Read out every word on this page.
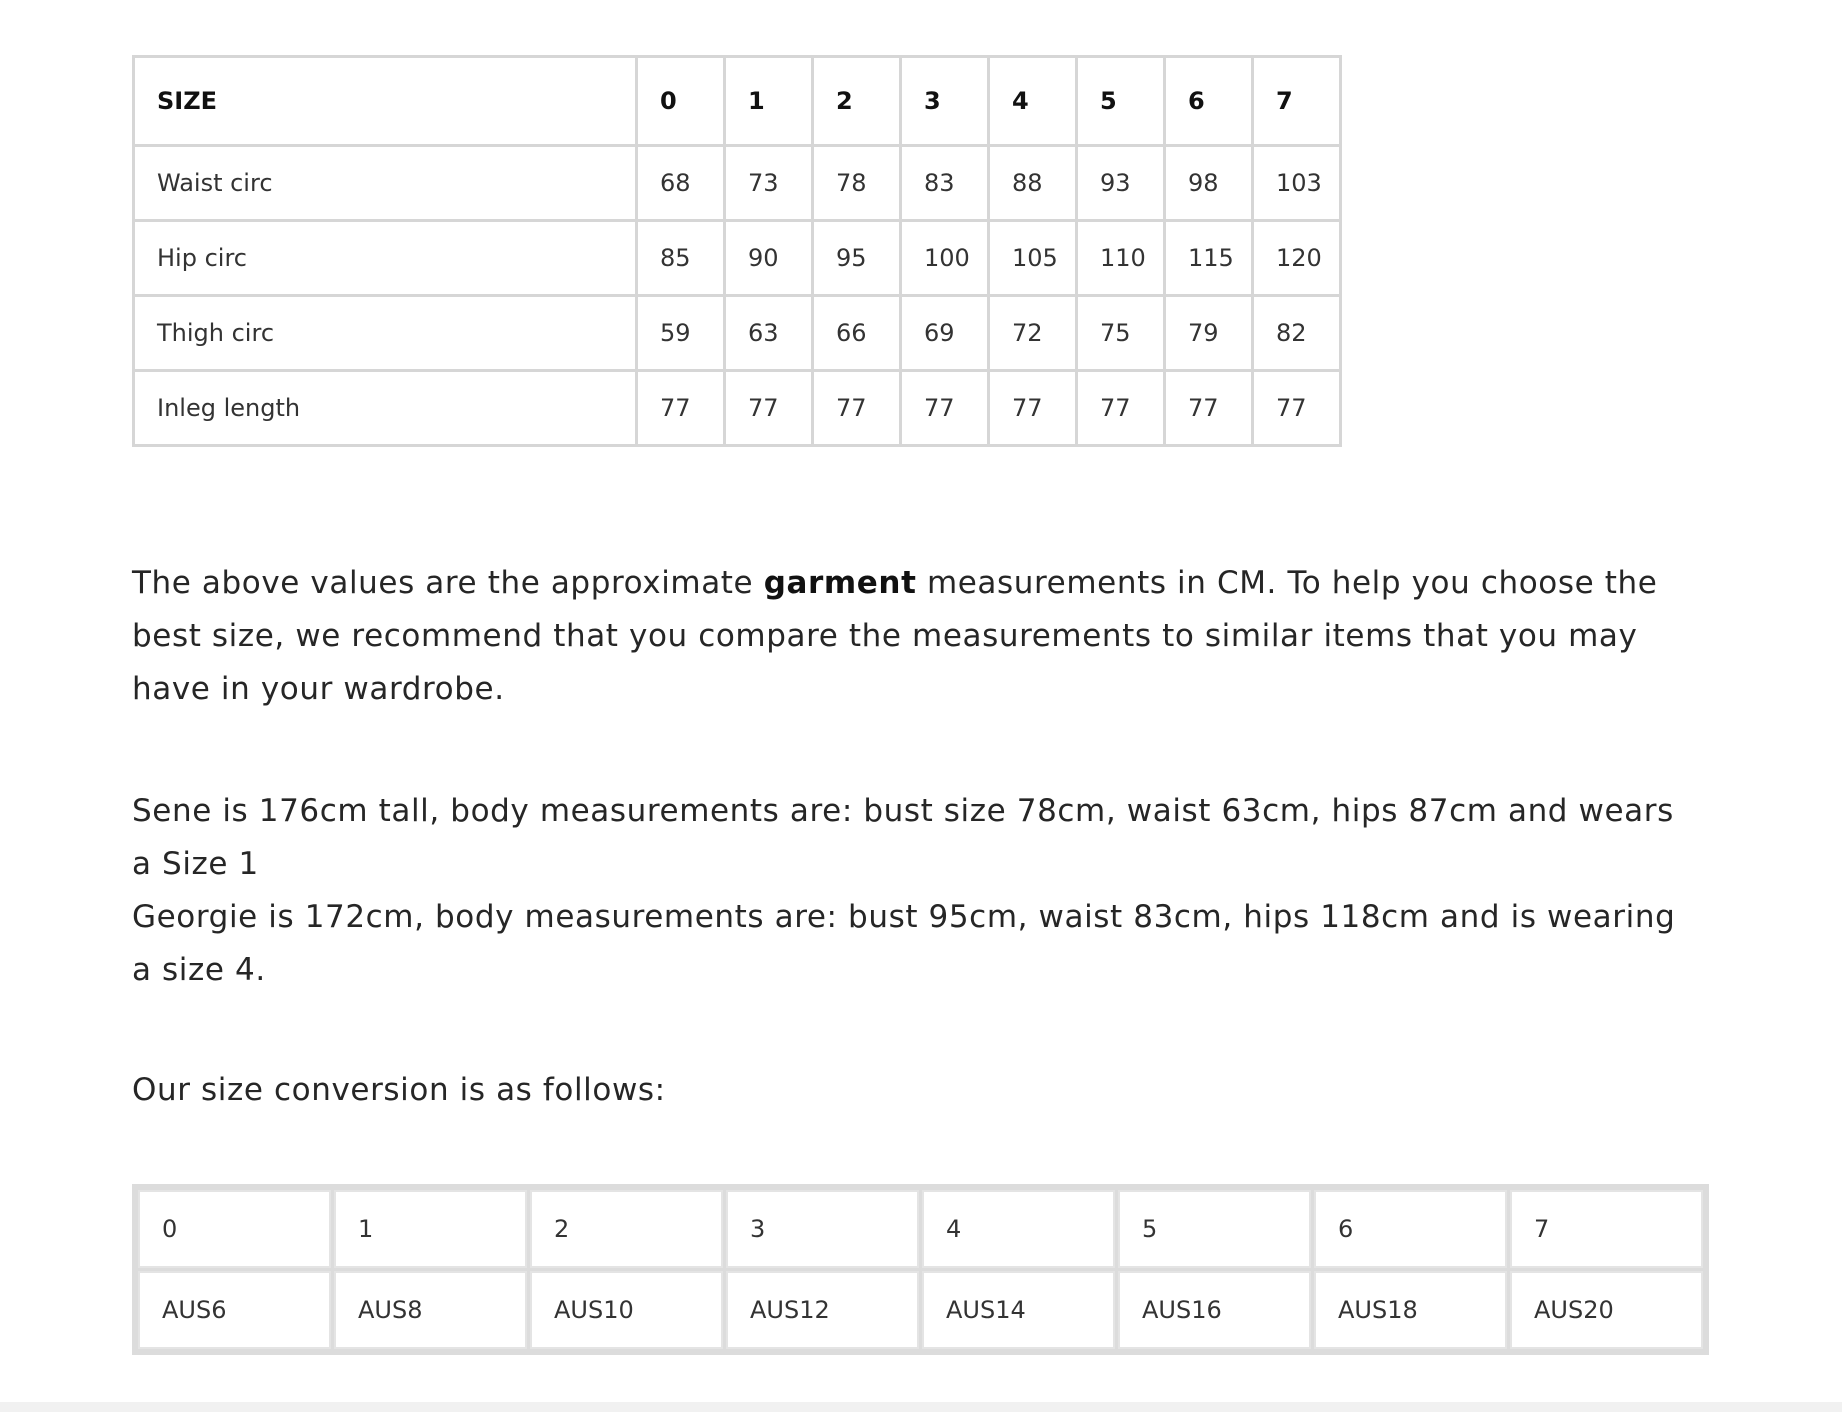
SIZE	0	1	2	3	4	5	6	7
Waist circ	68	73	78	83	88	93	98	103
Hip circ	85	90	95	100	105	110	115	120
Thigh circ	59	63	66	69	72	75	79	82
Inleg length	77	77	77	77	77	77	77	77

The above values are the approximate garment measurements in CM. To help you choose the best size, we recommend that you compare the measurements to similar items that you may have in your wardrobe.

Sene is 176cm tall, body measurements are: bust size 78cm, waist 63cm, hips 87cm and wears a Size 1
Georgie is 172cm, body measurements are: bust 95cm, waist 83cm, hips 118cm and is wearing a size 4.

Our size conversion is as follows:

0	1	2	3	4	5	6	7
AUS6	AUS8	AUS10	AUS12	AUS14	AUS16	AUS18	AUS20
